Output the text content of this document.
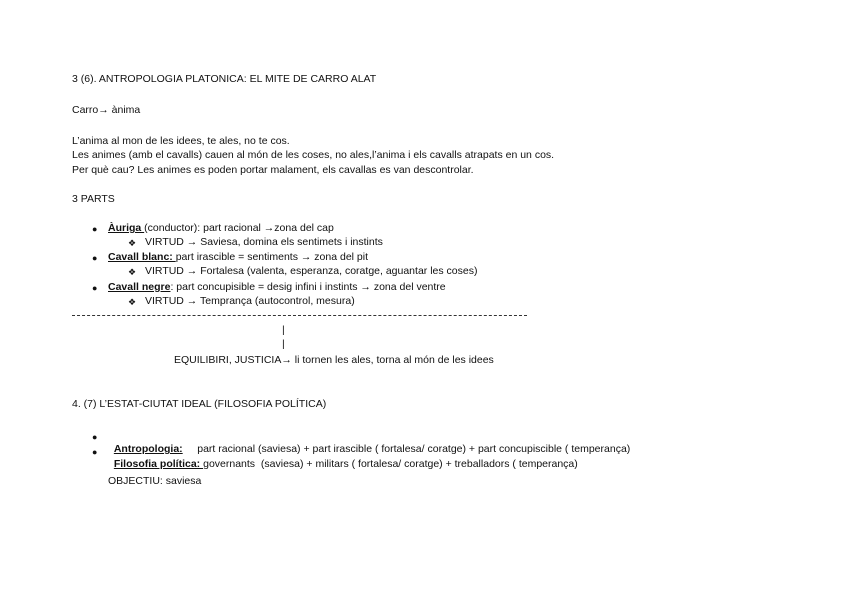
3 (6). ANTROPOLOGIA PLATONICA: EL MITE DE CARRO ALAT
Carro→ ànima
L’anima al mon de les idees, te ales, no te cos.
Les animes (amb el cavalls) cauen al món de les coses, no ales,l’anima i els cavalls atrapats en un cos.
Per què cau? Les animes es poden portar malament, els cavallas es van descontrolar.
3 PARTS
● Àuriga (conductor): part racional →zona del cap
❖ VIRTUD → Saviesa, domina els sentimets i instints
● Cavall blanc: part irascible = sentiments → zona del pit
❖ VIRTUD → Fortalesa (valenta, esperanza, coratge, aguantar les coses)
● Cavall negre: part concupisible = desig infini i instints → zona del ventre
❖ VIRTUD → Temprança (autocontrol, mesura)
|
|
EQUILIBIRI, JUSTICIA→ li tornen les ales, torna al món de les idees
4. (7) L’ESTAT-CIUTAT IDEAL (FILOSOFIA POLÍTICA)
●

Antropologia:     part racional (saviesa) + part irascible ( fortalesa/ coratge) + part concupiscible ( temperança)

●

Filosofia política: governants  (saviesa) + militars ( fortalesa/ coratge) + treballadors ( temperança)

OBJECTIU: saviesa
